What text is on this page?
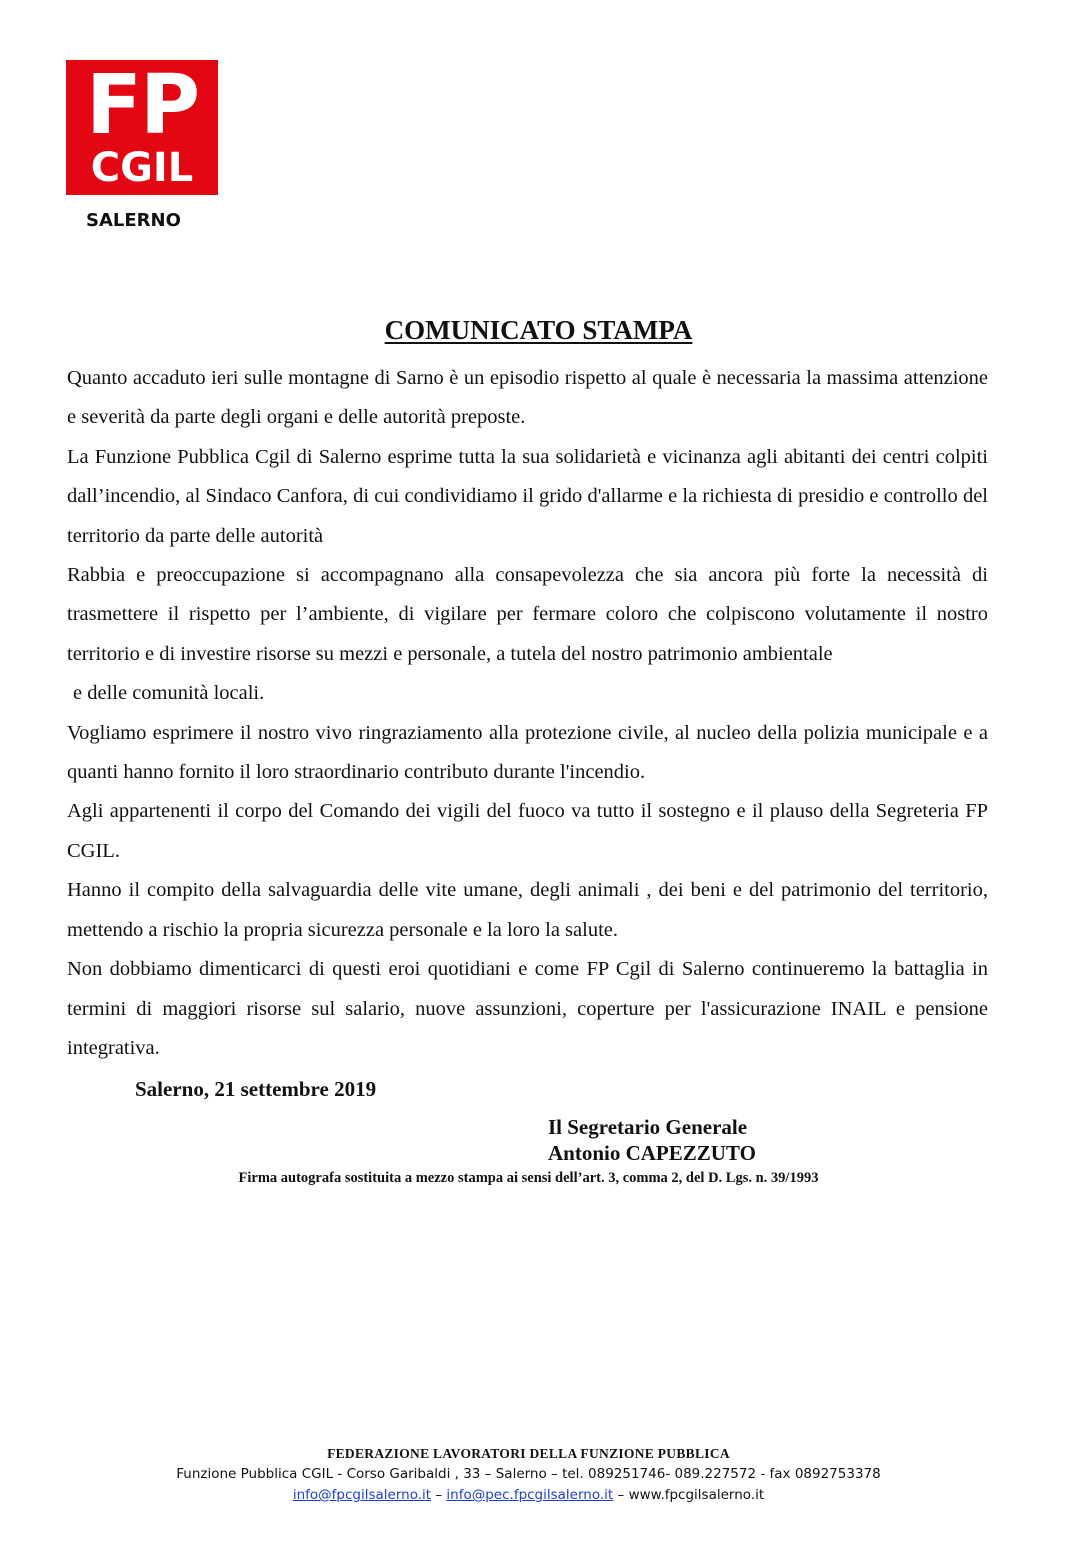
FP
CGIL
SALERNO
COMUNICATO STAMPA

Quanto accaduto ieri sulle montagne di Sarno è un episodio rispetto al quale è necessaria la massima attenzione e severità da parte degli organi e delle autorità preposte.

La Funzione Pubblica Cgil di Salerno esprime tutta la sua solidarietà e vicinanza agli abitanti dei centri colpiti dall’incendio, al Sindaco Canfora, di cui condividiamo il grido d'allarme e la richiesta di presidio e controllo del territorio da parte delle autorità

Rabbia e preoccupazione si accompagnano alla consapevolezza che sia ancora più forte la necessità di trasmettere il rispetto per l’ambiente, di vigilare per fermare coloro che colpiscono volutamente il nostro territorio e di investire risorse su mezzi e personale, a tutela del nostro patrimonio ambientale

e delle comunità locali.

Vogliamo esprimere il nostro vivo ringraziamento alla protezione civile, al nucleo della polizia municipale e a quanti hanno fornito il loro straordinario contributo durante l'incendio.

Agli appartenenti il corpo del Comando dei vigili del fuoco va tutto il sostegno e il plauso della Segreteria FP CGIL.

Hanno il compito della salvaguardia delle vite umane, degli animali , dei beni e del patrimonio del territorio, mettendo a rischio la propria sicurezza personale e la loro la salute.

Non dobbiamo dimenticarci di questi eroi quotidiani e come FP Cgil di Salerno continueremo la battaglia in termini di maggiori risorse sul salario, nuove assunzioni, coperture per l'assicurazione INAIL e pensione integrativa.

Salerno, 21 settembre 2019
Il Segretario Generale
Antonio CAPEZZUTO
Firma autografa sostituita a mezzo stampa ai sensi dell’art. 3, comma 2, del D. Lgs. n. 39/1993
FEDERAZIONE LAVORATORI DELLA FUNZIONE PUBBLICA
Funzione Pubblica CGIL - Corso Garibaldi , 33 – Salerno – tel. 089251746- 089.227572 - fax 0892753378
info@fpcgilsalerno.it – info@pec.fpcgilsalerno.it – www.fpcgilsalerno.it
